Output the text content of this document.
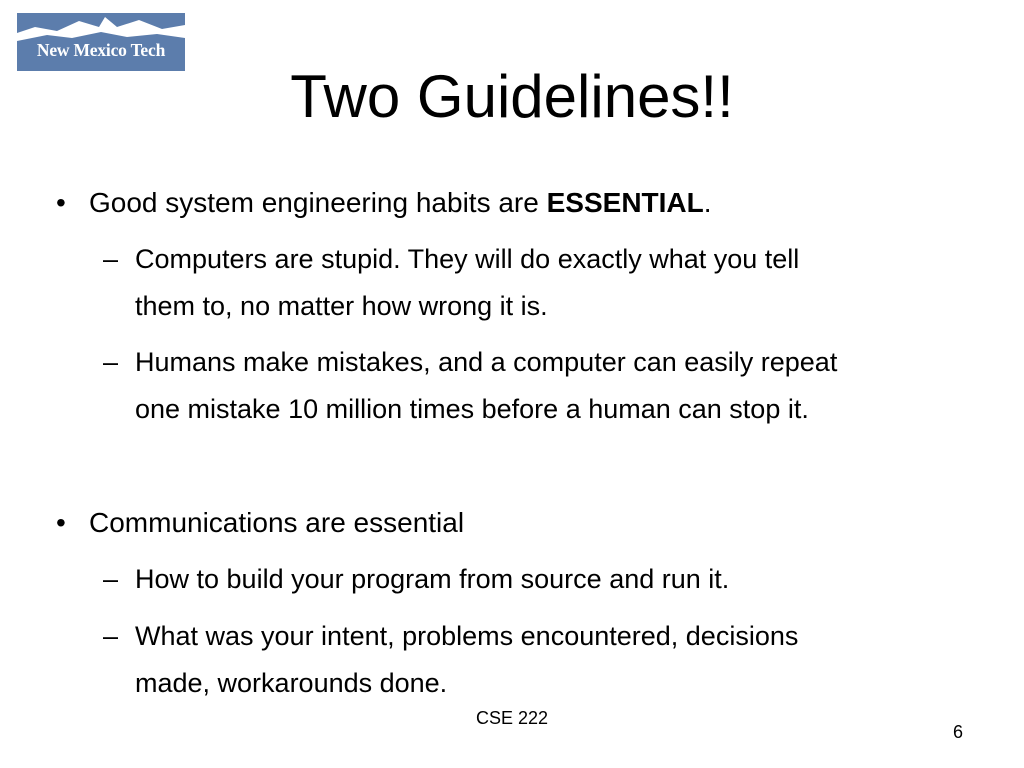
New Mexico Tech
Two Guidelines!!
• Good system engineering habits are ESSENTIAL.
– Computers are stupid. They will do exactly what you tell
them to, no matter how wrong it is.
– Humans make mistakes, and a computer can easily repeat
one mistake 10 million times before a human can stop it.
• Communications are essential
– How to build your program from source and run it.
– What was your intent, problems encountered, decisions
made, workarounds done.
CSE 222
6
